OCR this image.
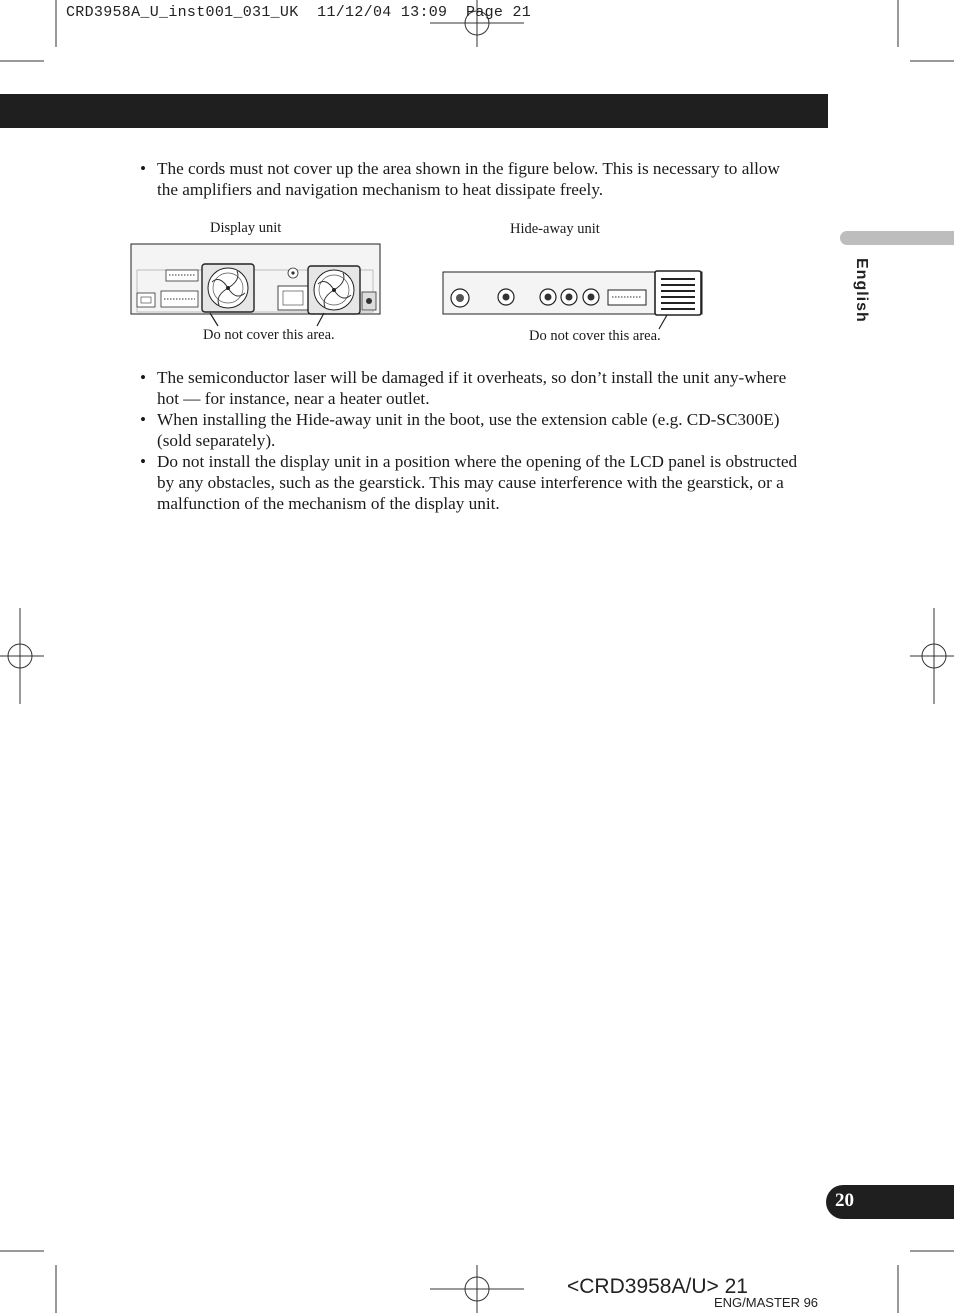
CRD3958A_U_inst001_031_UK  11/12/04 13:09  Page 21
• The cords must not cover up the area shown in the figure below. This is necessary to allow the amplifiers and navigation mechanism to heat dissipate freely.
Display unit	Hide-away unit
Do not cover this area.	Do not cover this area.
• The semiconductor laser will be damaged if it overheats, so don’t install the unit any-where hot — for instance, near a heater outlet.
• When installing the Hide-away unit in the boot, use the extension cable (e.g. CD-SC300E) (sold separately).
• Do not install the display unit in a position where the opening of the LCD panel is obstructed by any obstacles, such as the gearstick. This may cause interference with the gearstick, or a malfunction of the mechanism of the display unit.
English
20
<CRD3958A/U> 21
ENG/MASTER 96
